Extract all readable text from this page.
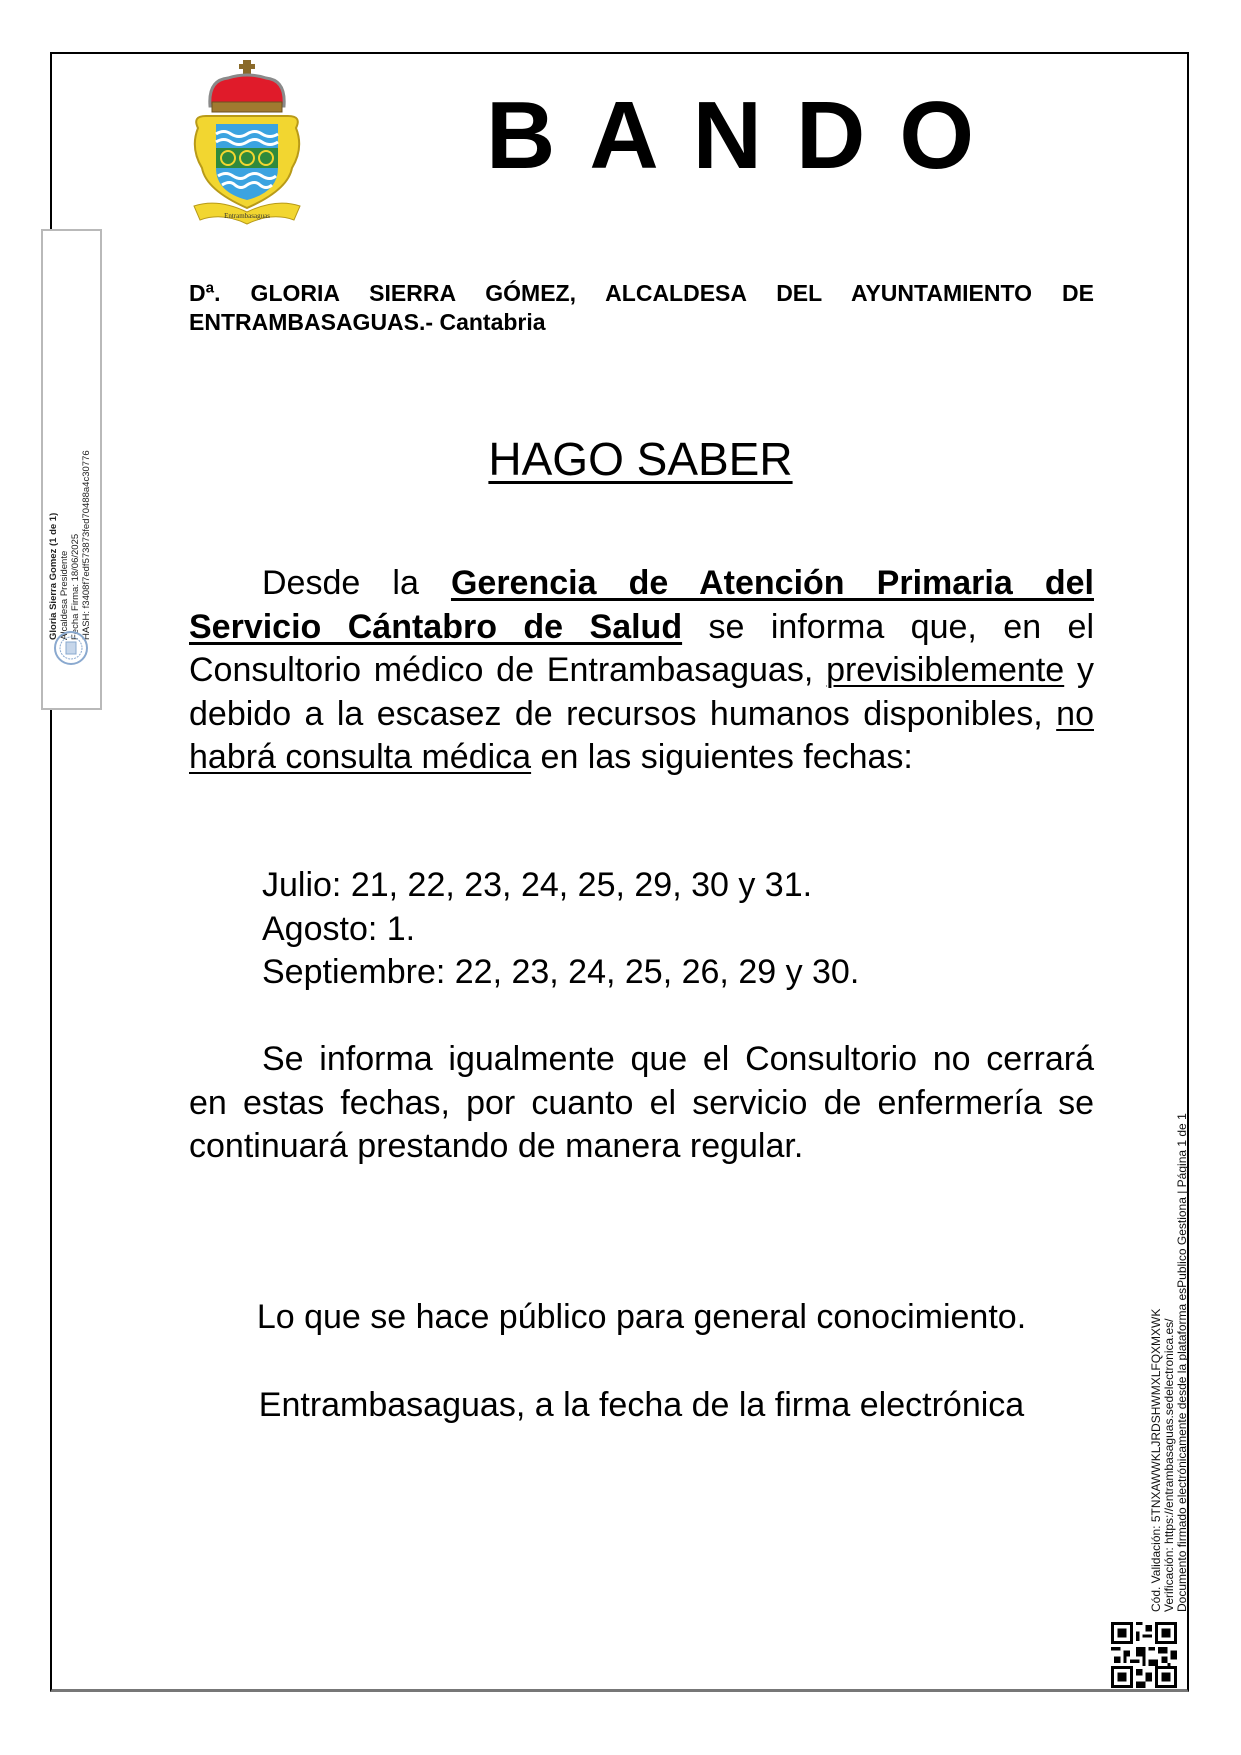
Entrambasaguas
BANDO
Dª. GLORIA SIERRA GÓMEZ, ALCALDESA DEL AYUNTAMIENTO DE ENTRAMBASAGUAS.- Cantabria
HAGO SABER
Desde la Gerencia de Atención Primaria del Servicio Cántabro de Salud se informa que, en el Consultorio médico de Entrambasaguas, previsiblemente y debido a la escasez de recursos humanos disponibles, no habrá consulta médica en las siguientes fechas:
Julio: 21, 22, 23, 24, 25, 29, 30 y 31.
Agosto: 1.
Septiembre: 22, 23, 24, 25, 26, 29 y 30.
Se informa igualmente que el Consultorio no cerrará en estas fechas, por cuanto el servicio de enfermería se continuará prestando de manera regular.
Lo que se hace público para general conocimiento.
Entrambasaguas, a la fecha de la firma electrónica
Gloria Sierra Gomez (1 de 1) Alcaldesa Presidente Fecha Firma: 18/06/2025 HASH: f3408f7edf573873fed70488a4c30776
Cód. Validación: 5TNXAWWKLJRDSHWMXLFQXMXWK Verificación: https://entrambasaguas.sedelectronica.es/ Documento firmado electrónicamente desde la plataforma esPublico Gestiona | Página 1 de 1
